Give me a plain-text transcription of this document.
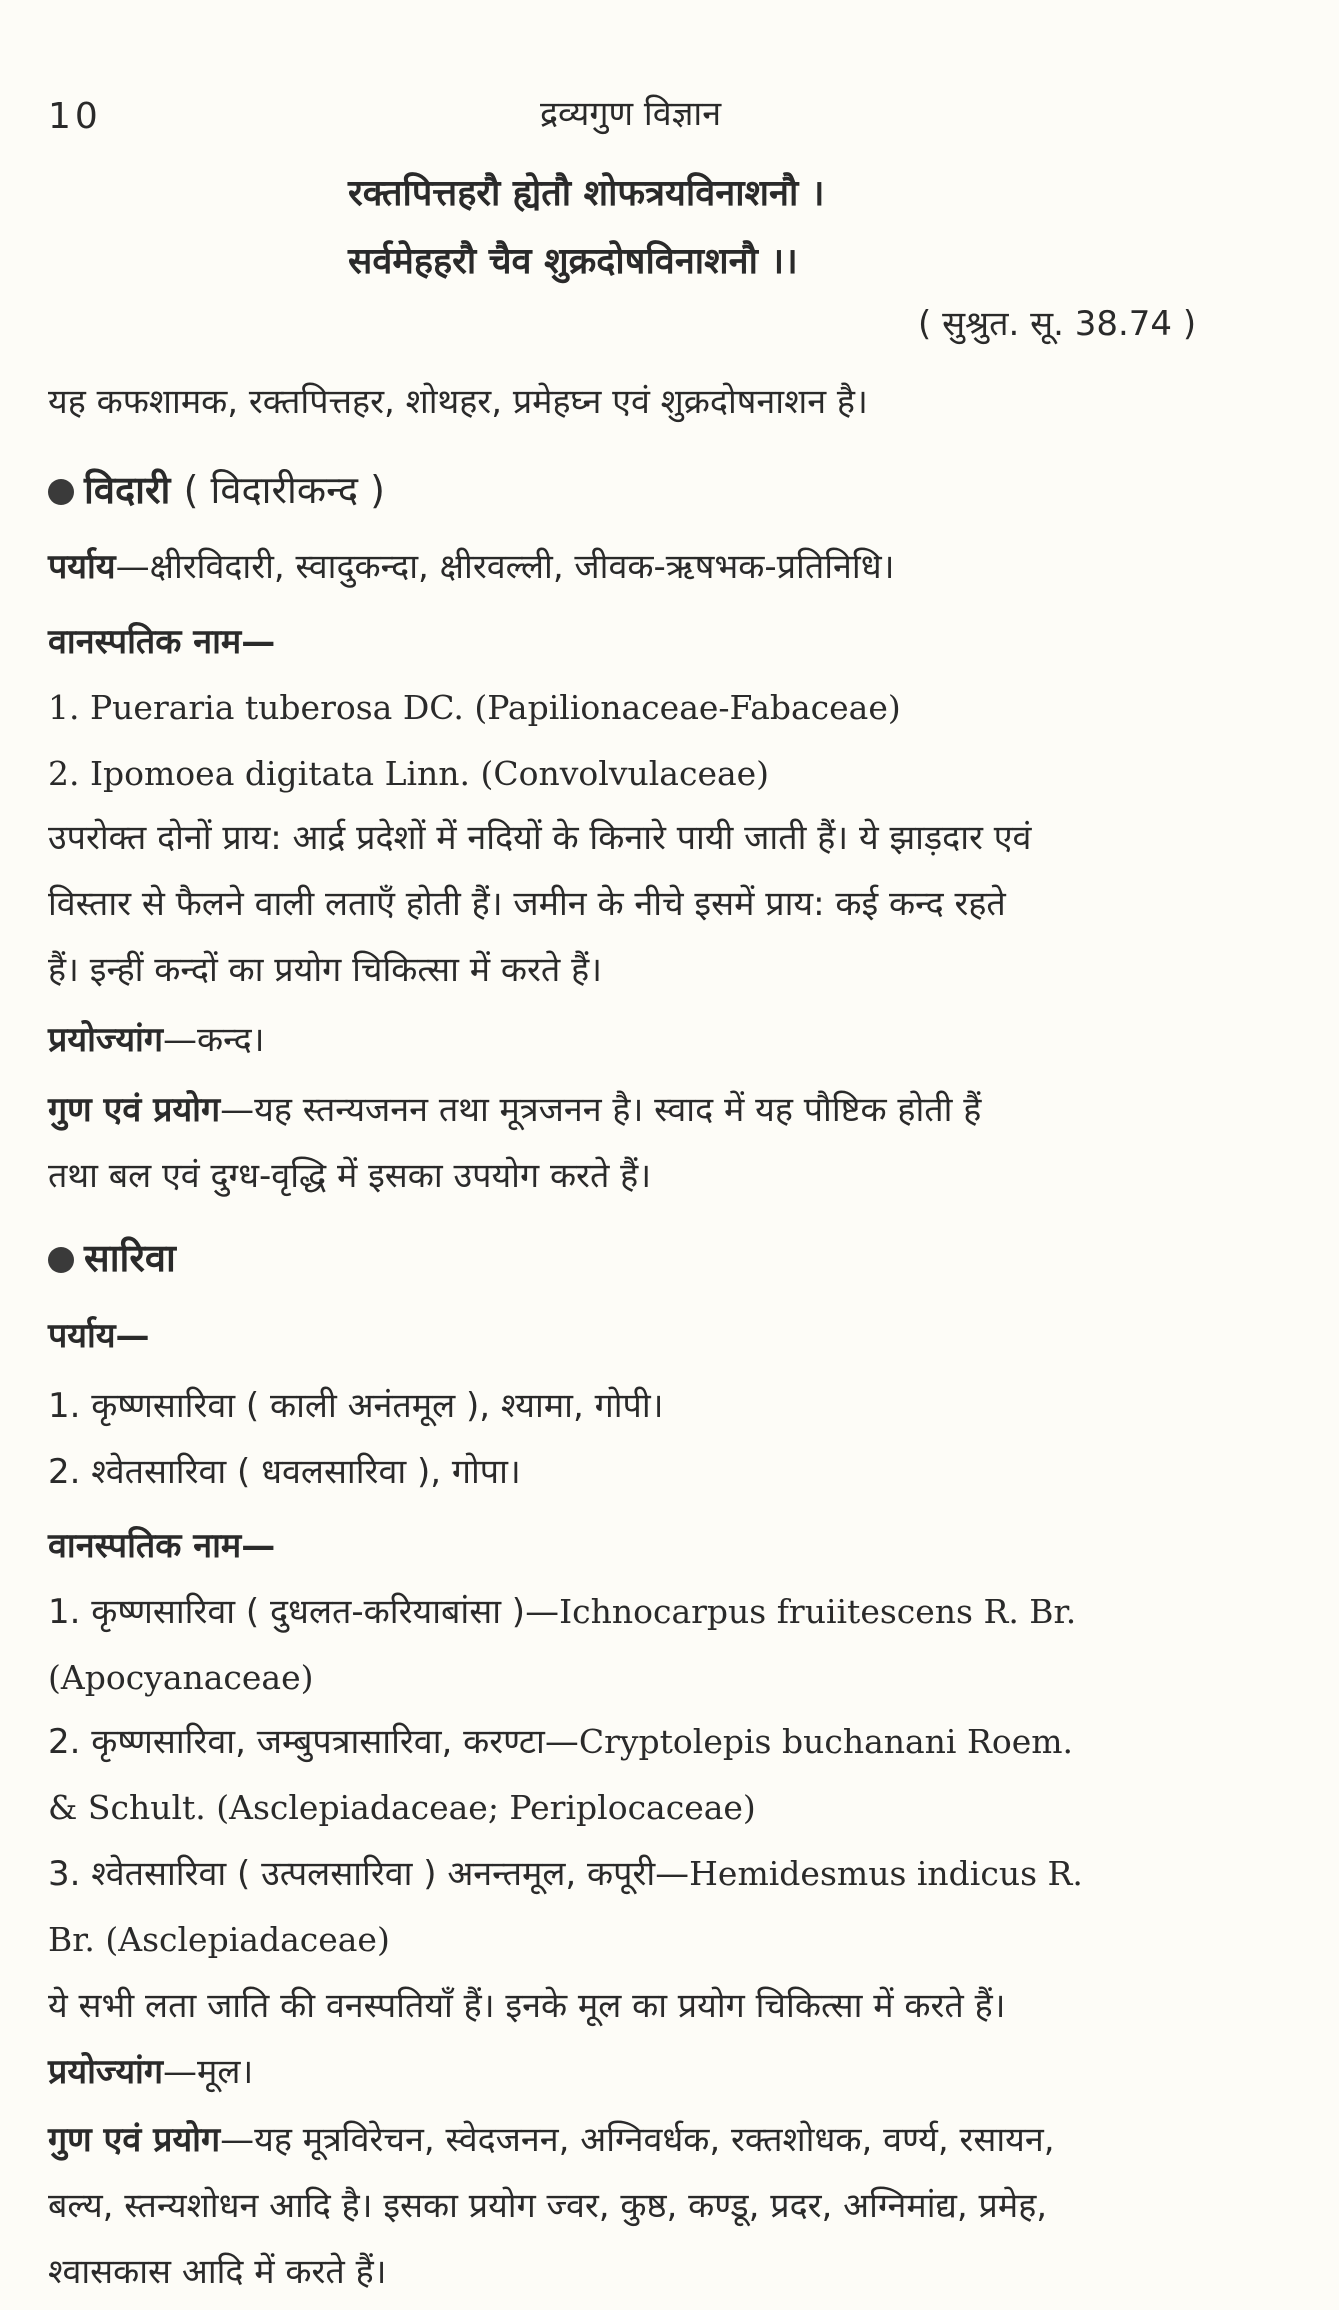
10	द्रव्यगुण विज्ञान
रक्तपित्तहरौ ह्येतौ शोफत्रयविनाशनौ ।
सर्वमेहहरौ चैव शुक्रदोषविनाशनौ ।।
( सुश्रुत. सू. 38.74 )
यह कफशामक, रक्तपित्तहर, शोथहर, प्रमेहघ्न एवं शुक्रदोषनाशन है।
विदारी ( विदारीकन्द )
पर्याय—क्षीरविदारी, स्वादुकन्दा, क्षीरवल्ली, जीवक-ऋषभक-प्रतिनिधि।
वानस्पतिक नाम—
1. Pueraria tuberosa DC. (Papilionaceae-Fabaceae)
2. Ipomoea digitata Linn. (Convolvulaceae)
उपरोक्त दोनों प्राय: आर्द्र प्रदेशों में नदियों के किनारे पायी जाती हैं। ये झाड़दार एवं
विस्तार से फैलने वाली लताएँ होती हैं। जमीन के नीचे इसमें प्राय: कई कन्द रहते
हैं। इन्हीं कन्दों का प्रयोग चिकित्सा में करते हैं।
प्रयोज्यांग—कन्द।
गुण एवं प्रयोग—यह स्तन्यजनन तथा मूत्रजनन है। स्वाद में यह पौष्टिक होती हैं
तथा बल एवं दुग्ध-वृद्धि में इसका उपयोग करते हैं।
सारिवा
पर्याय—
1. कृष्णसारिवा ( काली अनंतमूल ), श्यामा, गोपी।
2. श्वेतसारिवा ( धवलसारिवा ), गोपा।
वानस्पतिक नाम—
1. कृष्णसारिवा ( दुधलत-करियाबांसा )—Ichnocarpus fruiitescens R. Br.
(Apocyanaceae)
2. कृष्णसारिवा, जम्बुपत्रासारिवा, करण्टा—Cryptolepis buchanani Roem.
& Schult. (Asclepiadaceae; Periplocaceae)
3. श्वेतसारिवा ( उत्पलसारिवा ) अनन्तमूल, कपूरी—Hemidesmus indicus R.
Br. (Asclepiadaceae)
ये सभी लता जाति की वनस्पतियाँ हैं। इनके मूल का प्रयोग चिकित्सा में करते हैं।
प्रयोज्यांग—मूल।
गुण एवं प्रयोग—यह मूत्रविरेचन, स्वेदजनन, अग्निवर्धक, रक्तशोधक, वर्ण्य, रसायन,
बल्य, स्तन्यशोधन आदि है। इसका प्रयोग ज्वर, कुष्ठ, कण्डू, प्रदर, अग्निमांद्य, प्रमेह,
श्वासकास आदि में करते हैं।
